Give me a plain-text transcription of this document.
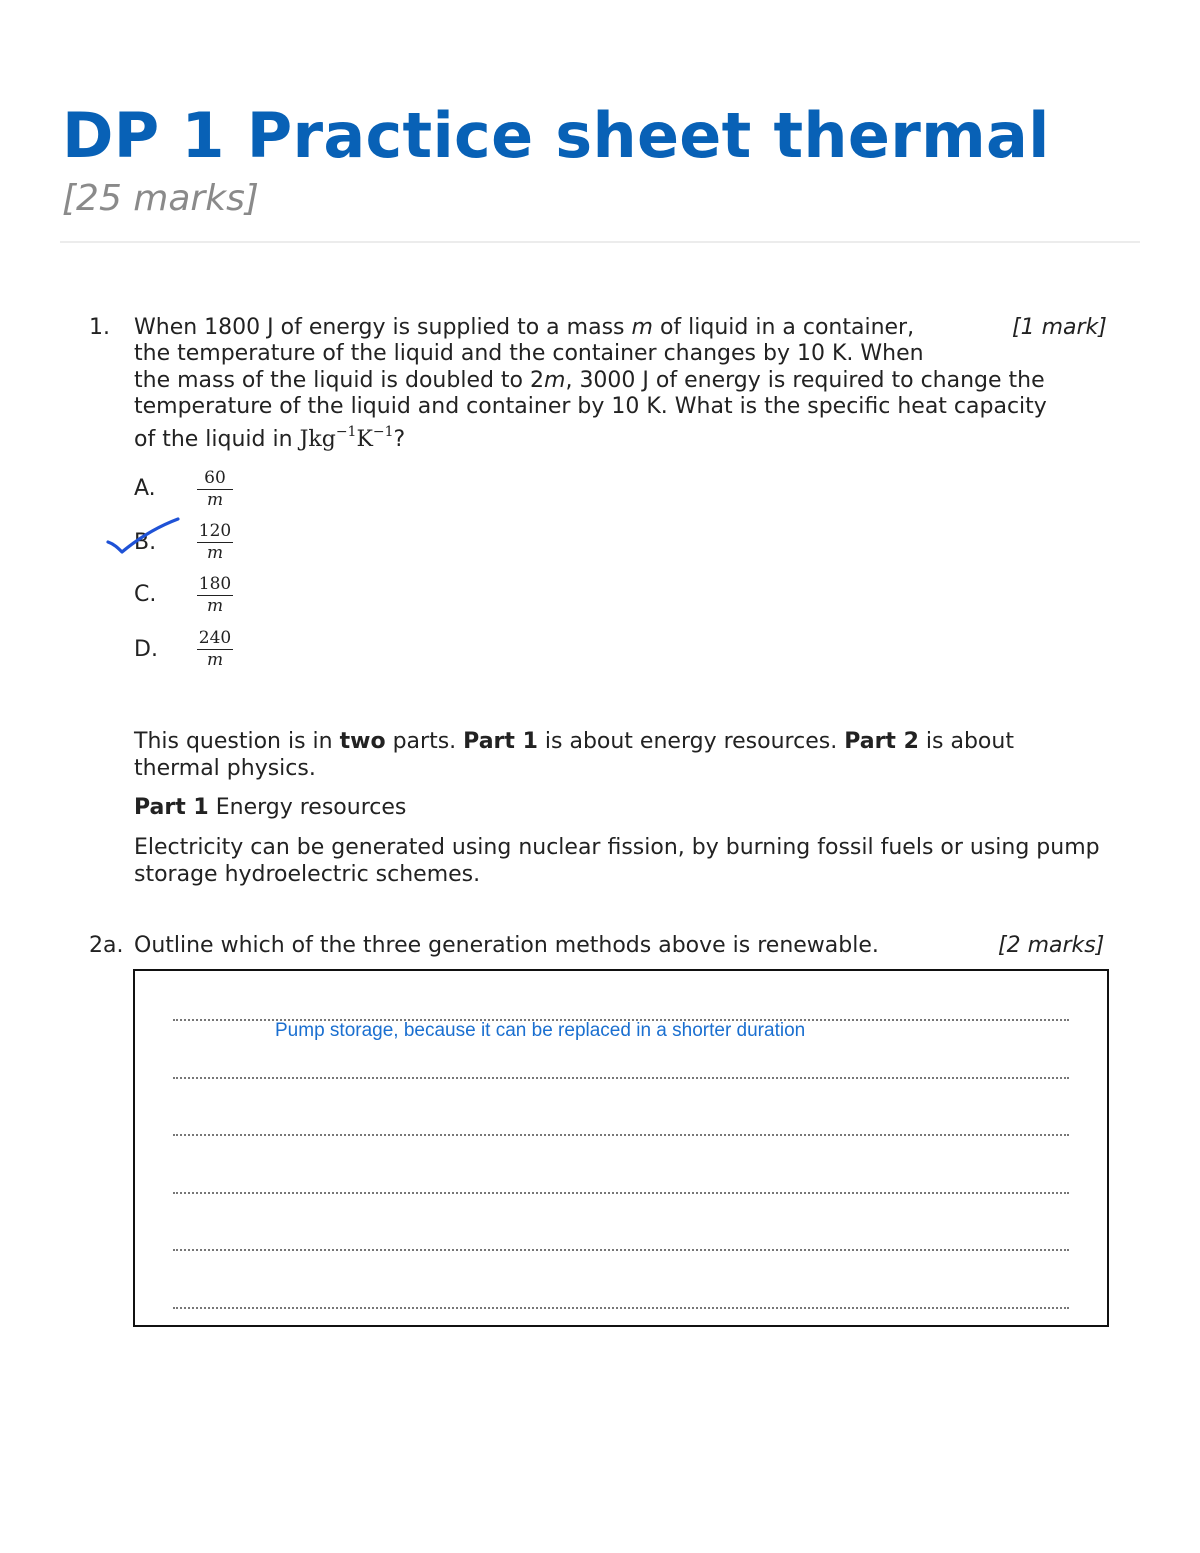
DP 1 Practice sheet thermal
[25 marks]
1.	[1 mark]
When 1800 J of energy is supplied to a mass m of liquid in a container,
the temperature of the liquid and the container changes by 10 K. When
the mass of the liquid is doubled to 2m, 3000 J of energy is required to change the
temperature of the liquid and container by 10 K. What is the specific heat capacity
of the liquid in $Jkg^{-1}K^{-1}$?
A. $\frac{60}{m}$
B. $\frac{120}{m}$
C. $\frac{180}{m}$
D. $\frac{240}{m}$
This question is in two parts. Part 1 is about energy resources. Part 2 is about
thermal physics.
Part 1 Energy resources
Electricity can be generated using nuclear fission, by burning fossil fuels or using pump storage hydroelectric schemes.
2a. Outline which of the three generation methods above is renewable.	[2 marks]
Pump storage, because it can be replaced in a shorter duration
